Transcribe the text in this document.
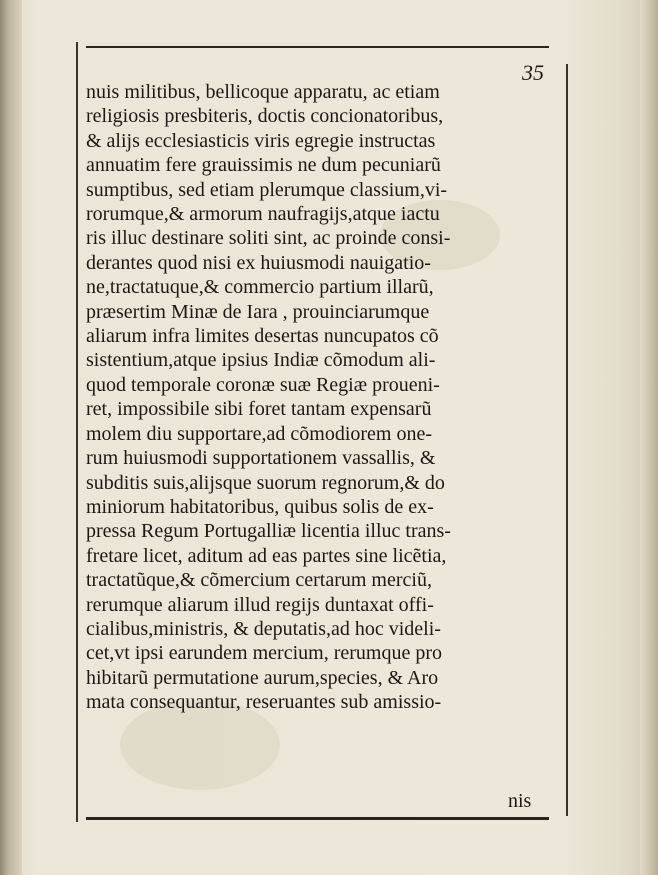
35
nuis militibus, bellicoque apparatu, ac etiam
religiosis presbiteris, doctis concionatoribus,
& alijs ecclesiasticis viris egregie instructas
annuatim fere grauissimis ne dum pecuniarũ
sumptibus, sed etiam plerumque classium,vi-
rorumque,& armorum naufragijs,atque iactu
ris illuc destinare soliti sint, ac proinde consi-
derantes quod nisi ex huiusmodi nauigatio-
ne,tractatuque,& commercio partium illarũ,
præsertim Minæ de Iara , prouinciarumque
aliarum infra limites desertas nuncupatos cõ
sistentium,atque ipsius Indiæ cõmodum ali-
quod temporale coronæ suæ Regiæ proueni-
ret, impossibile sibi foret tantam expensarũ
molem diu supportare,ad cõmodiorem one-
rum huiusmodi supportationem vassallis, &
subditis suis,alijsque suorum regnorum,& do
miniorum habitatoribus, quibus solis de ex-
pressa Regum Portugalliæ licentia illuc trans-
fretare licet, aditum ad eas partes sine licẽtia,
tractatũque,& cõmercium certarum merciũ,
rerumque aliarum illud regijs duntaxat offi-
cialibus,ministris, & deputatis,ad hoc videli-
cet,vt ipsi earundem mercium, rerumque pro
hibitarũ permutatione aurum,species, & Aro
mata consequantur, reseruantes sub amissio-
nis
